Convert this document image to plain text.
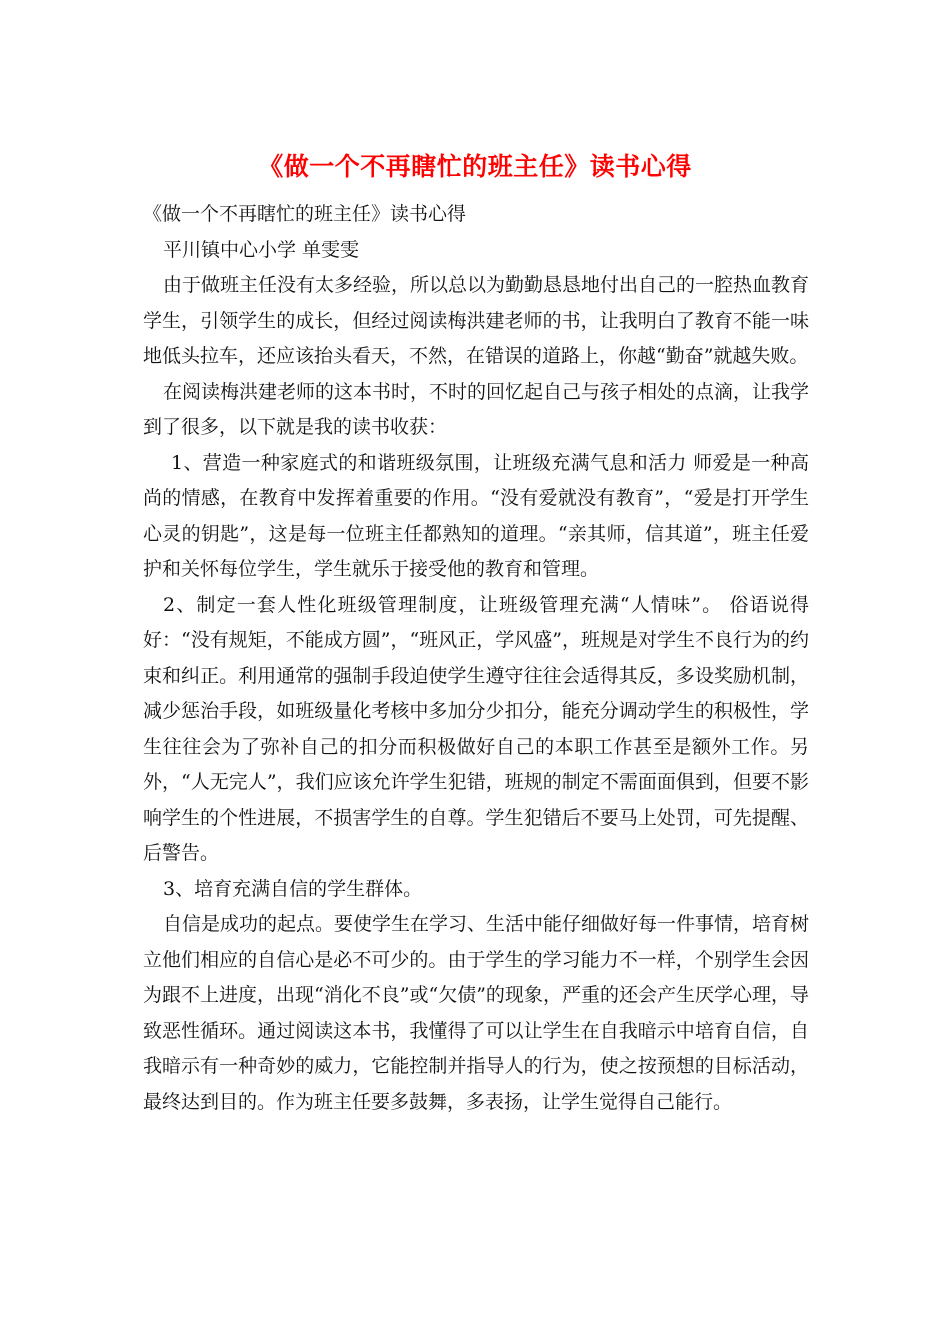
《做一个不再瞎忙的班主任》读书心得

《做一个不再瞎忙的班主任》读书心得

平川镇中心小学 单雯雯

由于做班主任没有太多经验，所以总以为勤勤恳恳地付出自己的一腔热血教育学生，引领学生的成长，但经过阅读梅洪建老师的书，让我明白了教育不能一味地低头拉车，还应该抬头看天，不然，在错误的道路上，你越“勤奋”就越失败。

在阅读梅洪建老师的这本书时，不时的回忆起自己与孩子相处的点滴，让我学到了很多，以下就是我的读书收获：

1、营造一种家庭式的和谐班级氛围，让班级充满气息和活力 师爱是一种高尚的情感，在教育中发挥着重要的作用。“没有爱就没有教育”，“爱是打开学生心灵的钥匙”，这是每一位班主任都熟知的道理。“亲其师，信其道”，班主任爱护和关怀每位学生，学生就乐于接受他的教育和管理。

2、制定一套人性化班级管理制度，让班级管理充满“人情味”。 俗语说得好：“没有规矩，不能成方圆”，“班风正，学风盛”，班规是对学生不良行为的约束和纠正。利用通常的强制手段迫使学生遵守往往会适得其反，多设奖励机制，减少惩治手段，如班级量化考核中多加分少扣分，能充分调动学生的积极性，学生往往会为了弥补自己的扣分而积极做好自己的本职工作甚至是额外工作。另外，“人无完人”，我们应该允许学生犯错，班规的制定不需面面俱到，但要不影响学生的个性进展，不损害学生的自尊。学生犯错后不要马上处罚，可先提醒、后警告。

3、培育充满自信的学生群体。

自信是成功的起点。要使学生在学习、生活中能仔细做好每一件事情，培育树立他们相应的自信心是必不可少的。由于学生的学习能力不一样，个别学生会因为跟不上进度，出现“消化不良”或“欠债”的现象，严重的还会产生厌学心理，导致恶性循环。通过阅读这本书，我懂得了可以让学生在自我暗示中培育自信，自我暗示有一种奇妙的威力，它能控制并指导人的行为，使之按预想的目标活动，最终达到目的。作为班主任要多鼓舞，多表扬，让学生觉得自己能行。
